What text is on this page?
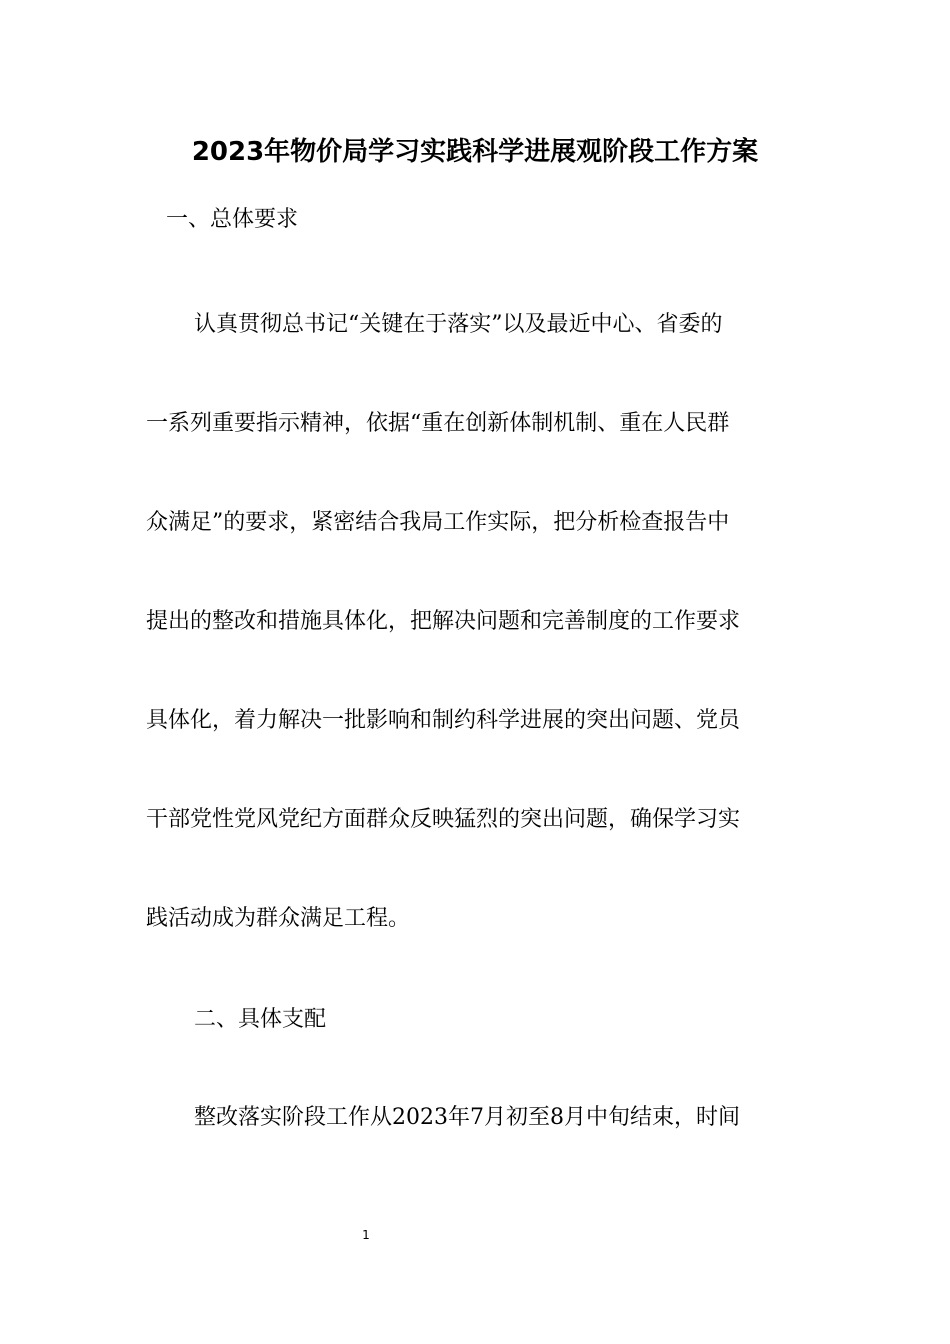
2023年物价局学习实践科学进展观阶段工作方案
一、总体要求
认真贯彻总书记“关键在于落实”以及最近中心、省委的
一系列重要指示精神，依据“重在创新体制机制、重在人民群
众满足”的要求，紧密结合我局工作实际，把分析检查报告中
提出的整改和措施具体化，把解决问题和完善制度的工作要求
具体化，着力解决一批影响和制约科学进展的突出问题、党员
干部党性党风党纪方面群众反映猛烈的突出问题，确保学习实
践活动成为群众满足工程。
二、具体支配
整改落实阶段工作从2023年7月初至8月中旬结束，时间
1
